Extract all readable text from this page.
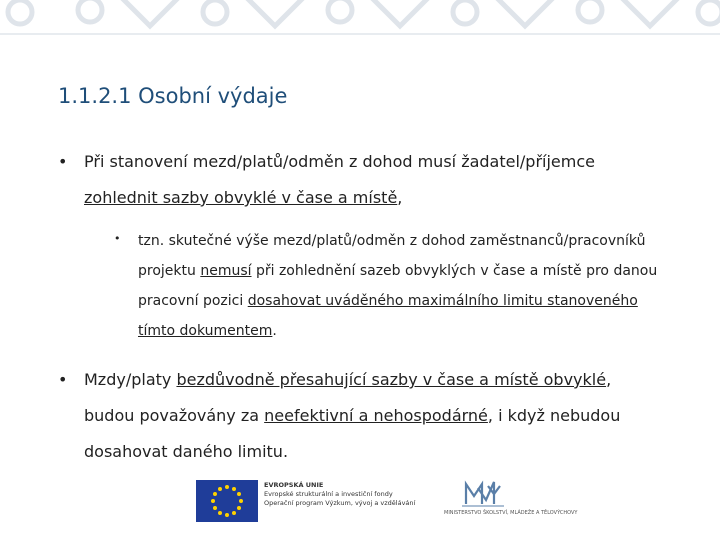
1.1.2.1 Osobní výdaje
• Při stanovení mezd/platů/odměn z dohod musí žadatel/příjemce zohlednit sazby obvyklé v čase a místě,
• tzn. skutečné výše mezd/platů/odměn z dohod zaměstnanců/pracovníků projektu nemusí při zohlednění sazeb obvyklých v čase a místě pro danou pracovní pozici dosahovat uváděného maximálního limitu stanoveného tímto dokumentem.
• Mzdy/platy bezdůvodně přesahující sazby v čase a místě obvyklé, budou považovány za neefektivní a nehospodárné, i když nebudou dosahovat daného limitu.
EVROPSKÁ UNIE
Evropské strukturální a investiční fondy
Operační program Výzkum, vývoj a vzdělávání
MINISTERSTVO ŠKOLSTVÍ, MLÁDEŽE A TĚLOVÝCHOVY
